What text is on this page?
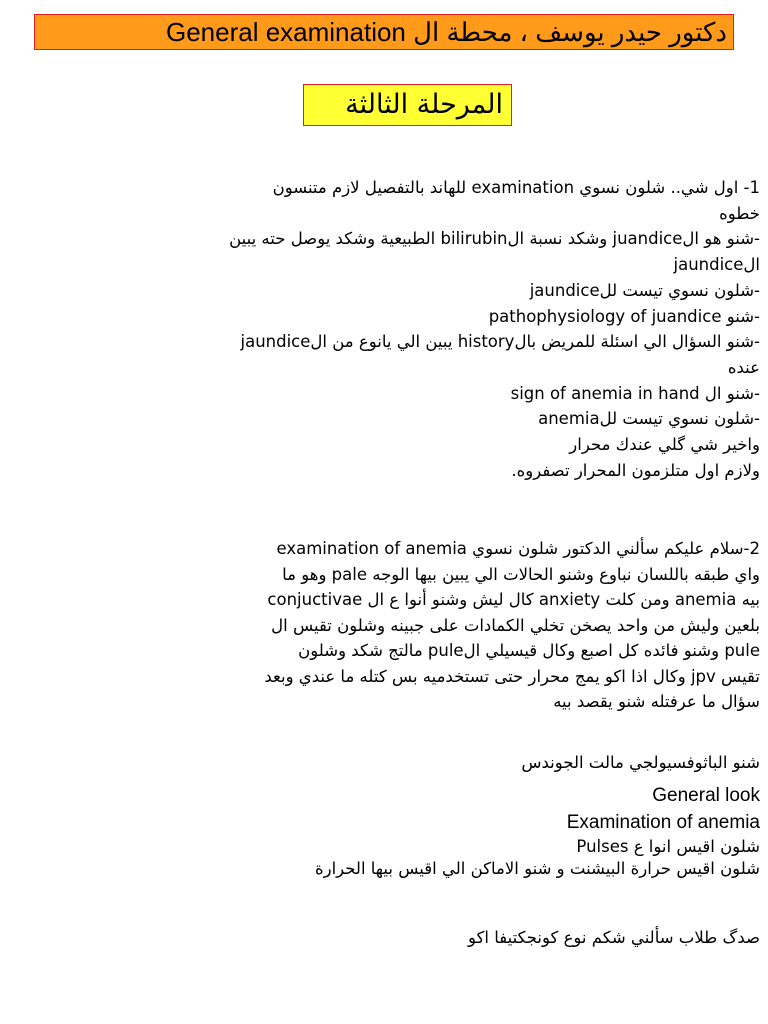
دكتور حيدر يوسف ، محطة ال General examination
المرحلة الثالثة
1- اول شي.. شلون نسوي examination للهاند بالتفصيل لازم متنسون
خطوه
-شنو هو الjuandice وشكد نسبة الbilirubin الطبيعية وشكد يوصل حته يبين
الjaundice
-شلون نسوي تيست للjaundice
-شنو pathophysiology of juandice
-شنو السؤال الي اسئلة للمريض بالhistory يبين الي يانوع من الjaundice
عنده
-شنو ال sign of anemia in hand
-شلون نسوي تيست للanemia
واخير شي گلي عندك محرار
ولازم اول متلزمون المحرار تصفروه.
2-سلام عليكم سألني الدكتور شلون نسوي examination of anemia
واي طبقه باللسان نباوع وشنو الحالات الي يبين بيها الوجه pale وهو ما
بيه anemia ومن كلت anxiety كال ليش وشنو أنوا ع ال conjuctivae
بلعين وليش من واحد يصخن تخلي الكمادات على جبينه وشلون تقيس ال
pule وشنو فائده كل اصبع وكال قيسيلي الpule مالتج شكد وشلون
تقيس jpv وكال اذا اكو يمج محرار حتى تستخدميه بس كتله ما عندي وبعد
سؤال ما عرفتله شنو يقصد بيه
شنو الباثوفسيولجي مالت الجوندس
General look
Examination of anemia
شلون اقيس انوا ع Pulses
شلون اقيس حرارة البيشنت و شنو الاماكن الي اقيس بيها الحرارة
صدگ طلاب سألني شكم نوع كونجكتيفا اكو
